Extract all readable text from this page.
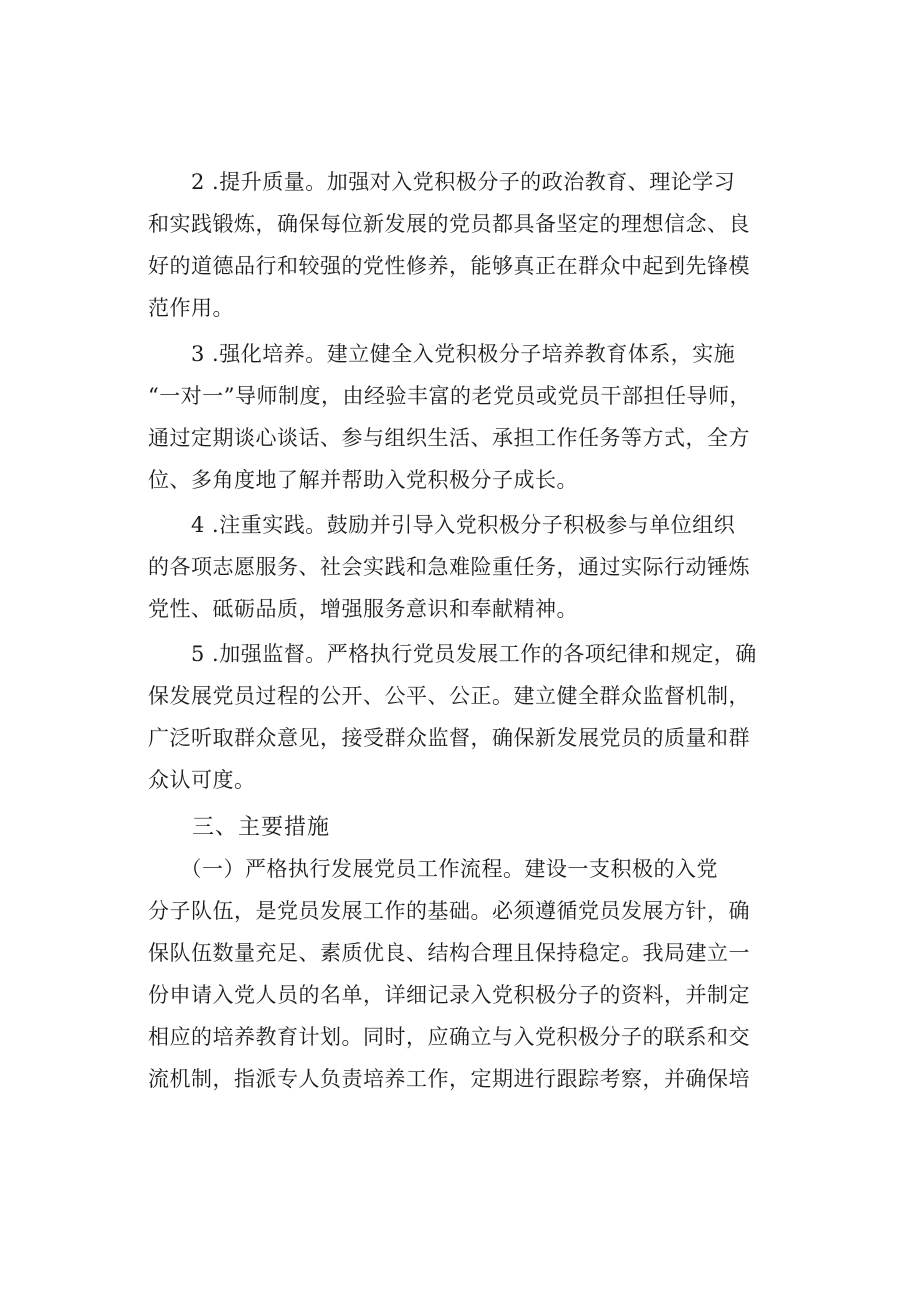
　　2 .提升质量。加强对入党积极分子的政治教育、理论学习
和实践锻炼，确保每位新发展的党员都具备坚定的理想信念、良
好的道德品行和较强的党性修养，能够真正在群众中起到先锋模
范作用。
　　3 .强化培养。建立健全入党积极分子培养教育体系，实施
“一对一”导师制度，由经验丰富的老党员或党员干部担任导师，
通过定期谈心谈话、参与组织生活、承担工作任务等方式，全方
位、多角度地了解并帮助入党积极分子成长。
　　4 .注重实践。鼓励并引导入党积极分子积极参与单位组织
的各项志愿服务、社会实践和急难险重任务，通过实际行动锤炼
党性、砥砺品质，增强服务意识和奉献精神。
　　5 .加强监督。严格执行党员发展工作的各项纪律和规定，确
保发展党员过程的公开、公平、公正。建立健全群众监督机制，
广泛听取群众意见，接受群众监督，确保新发展党员的质量和群
众认可度。
三、主要措施
　　（一）严格执行发展党员工作流程。建设一支积极的入党
分子队伍，是党员发展工作的基础。必须遵循党员发展方针，确
保队伍数量充足、素质优良、结构合理且保持稳定。我局建立一
份申请入党人员的名单，详细记录入党积极分子的资料，并制定
相应的培养教育计划。同时，应确立与入党积极分子的联系和交
流机制，指派专人负责培养工作，定期进行跟踪考察，并确保培
